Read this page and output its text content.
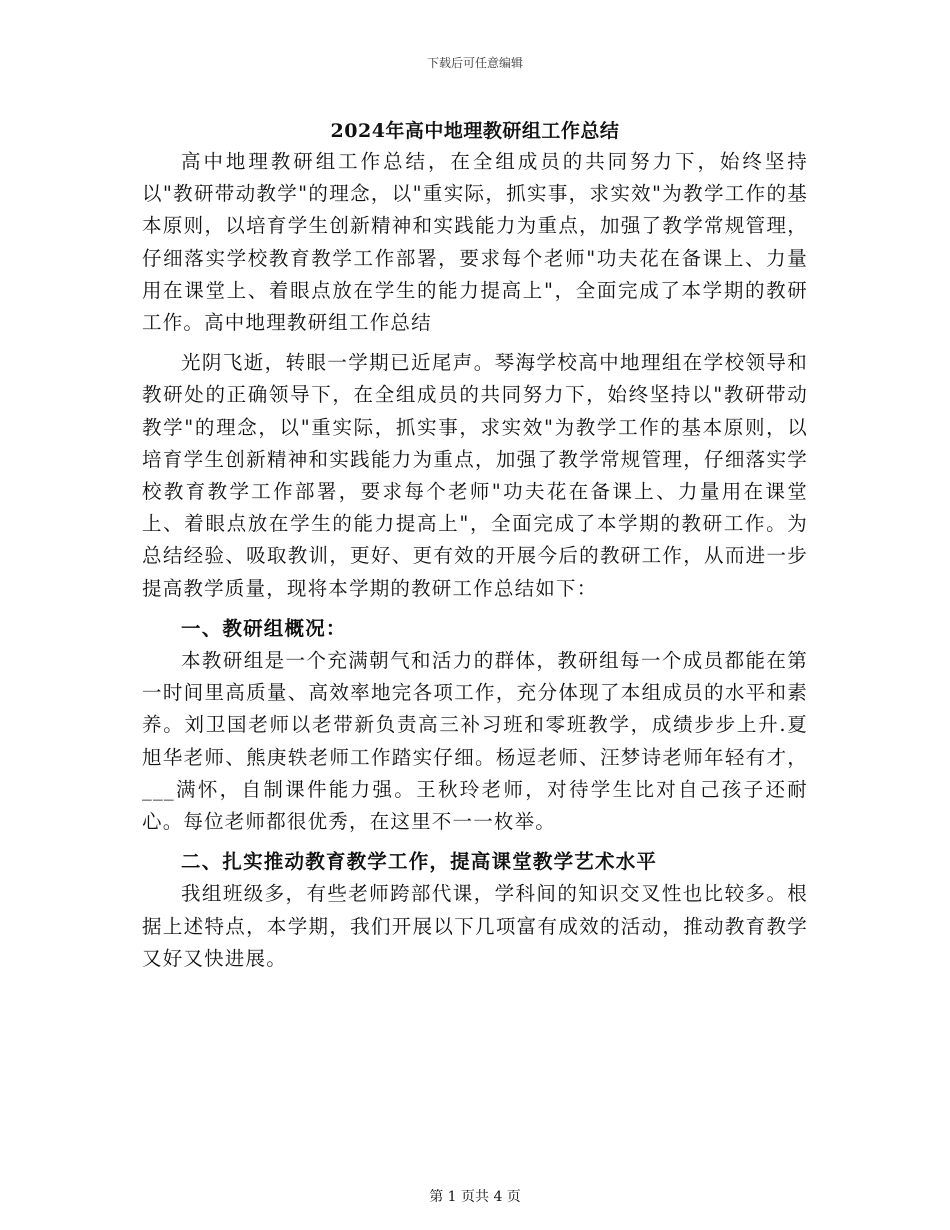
下载后可任意编辑
2024年高中地理教研组工作总结

高中地理教研组工作总结，在全组成员的共同努力下，始终坚持以"教研带动教学"的理念，以"重实际，抓实事，求实效"为教学工作的基本原则，以培育学生创新精神和实践能力为重点，加强了教学常规管理，仔细落实学校教育教学工作部署，要求每个老师"功夫花在备课上、力量用在课堂上、着眼点放在学生的能力提高上"，全面完成了本学期的教研工作。高中地理教研组工作总结

光阴飞逝，转眼一学期已近尾声。琴海学校高中地理组在学校领导和教研处的正确领导下，在全组成员的共同努力下，始终坚持以"教研带动教学"的理念，以"重实际，抓实事，求实效"为教学工作的基本原则，以培育学生创新精神和实践能力为重点，加强了教学常规管理，仔细落实学校教育教学工作部署，要求每个老师"功夫花在备课上、力量用在课堂上、着眼点放在学生的能力提高上"，全面完成了本学期的教研工作。为总结经验、吸取教训，更好、更有效的开展今后的教研工作，从而进一步提高教学质量，现将本学期的教研工作总结如下：

一、教研组概况：

本教研组是一个充满朝气和活力的群体，教研组每一个成员都能在第一时间里高质量、高效率地完各项工作，充分体现了本组成员的水平和素养。刘卫国老师以老带新负责高三补习班和零班教学，成绩步步上升.夏旭华老师、熊庚轶老师工作踏实仔细。杨逗老师、汪梦诗老师年轻有才，___满怀，自制课件能力强。王秋玲老师，对待学生比对自己孩子还耐心。每位老师都很优秀，在这里不一一枚举。

二、扎实推动教育教学工作，提高课堂教学艺术水平

我组班级多，有些老师跨部代课，学科间的知识交叉性也比较多。根据上述特点，本学期，我们开展以下几项富有成效的活动，推动教育教学又好又快进展。

第 1 页共 4 页
